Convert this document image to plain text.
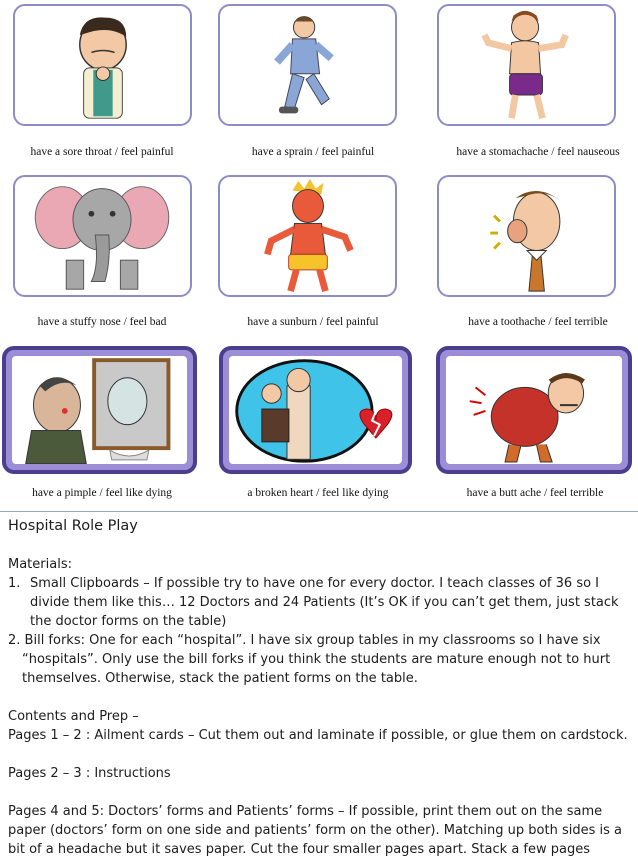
have a sore throat / feel painful	have a sprain / feel painful	have a stomachache / feel nauseous
have a stuffy nose / feel bad	have a sunburn / feel painful	have a toothache / feel terrible
have a pimple / feel like dying	a broken heart / feel like dying	have a butt ache / feel terrible
Hospital Role Play

Materials:

1. Small Clipboards – If possible try to have one for every doctor. I teach classes of 36 so I divide them like this… 12 Doctors and 24 Patients (It’s OK if you can’t get them, just stack the doctor forms on the table)
2. Bill forks: One for each “hospital”. I have six group tables in my classrooms so I have six “hospitals”. Only use the bill forks if you think the students are mature enough not to hurt themselves. Otherwise, stack the patient forms on the table.

Contents and Prep –

Pages 1 – 2 : Ailment cards – Cut them out and laminate if possible, or glue them on cardstock.

Pages 2 – 3 : Instructions

Pages 4 and 5: Doctors’ forms and Patients’ forms – If possible, print them out on the same paper (doctors’ form on one side and patients’ form on the other). Matching up both sides is a bit of a headache but it saves paper. Cut the four smaller pages apart. Stack a few pages
